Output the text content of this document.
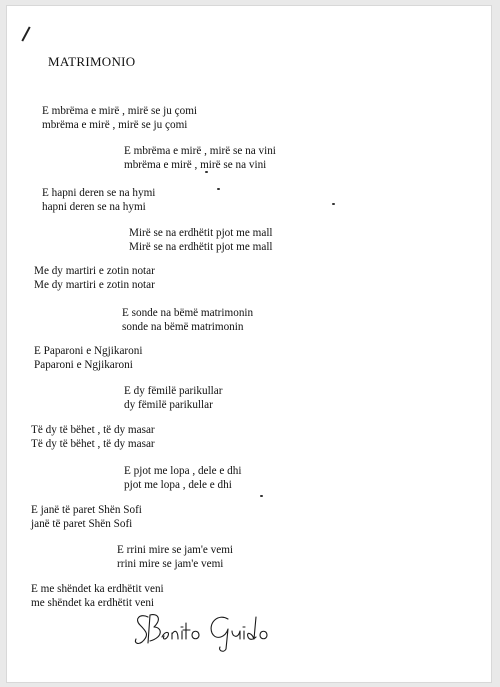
MATRIMONIO
E mbrëma e mirë , mirë se ju çomi
mbrëma e mirë , mirë se ju çomi
E mbrëma e mirë , mirë se na vini
mbrëma e mirë , mirë se na vini
E hapni deren se na hymi
hapni deren se na hymi
Mirë se na erdhëtit pjot me mall
Mirë se na erdhëtit pjot me mall
Me dy martiri e zotin notar
Me dy martiri e zotin notar
E sonde na bëmë matrimonin
sonde na bëmë matrimonin
E Paparoni e Ngjikaroni
Paparoni e Ngjikaroni
E dy fëmilë parikullar
dy fëmilë parikullar
Të dy të bëhet , të dy masar
Të dy të bëhet , të dy masar
E pjot me lopa , dele e dhi
pjot me lopa , dele e dhi
E janë të paret Shën Sofi
janë të paret Shën Sofi
E rrini mire se jam'e vemi
rrini mire se jam'e vemi
E me shëndet ka erdhëtit veni
me shëndet ka erdhëtit veni
